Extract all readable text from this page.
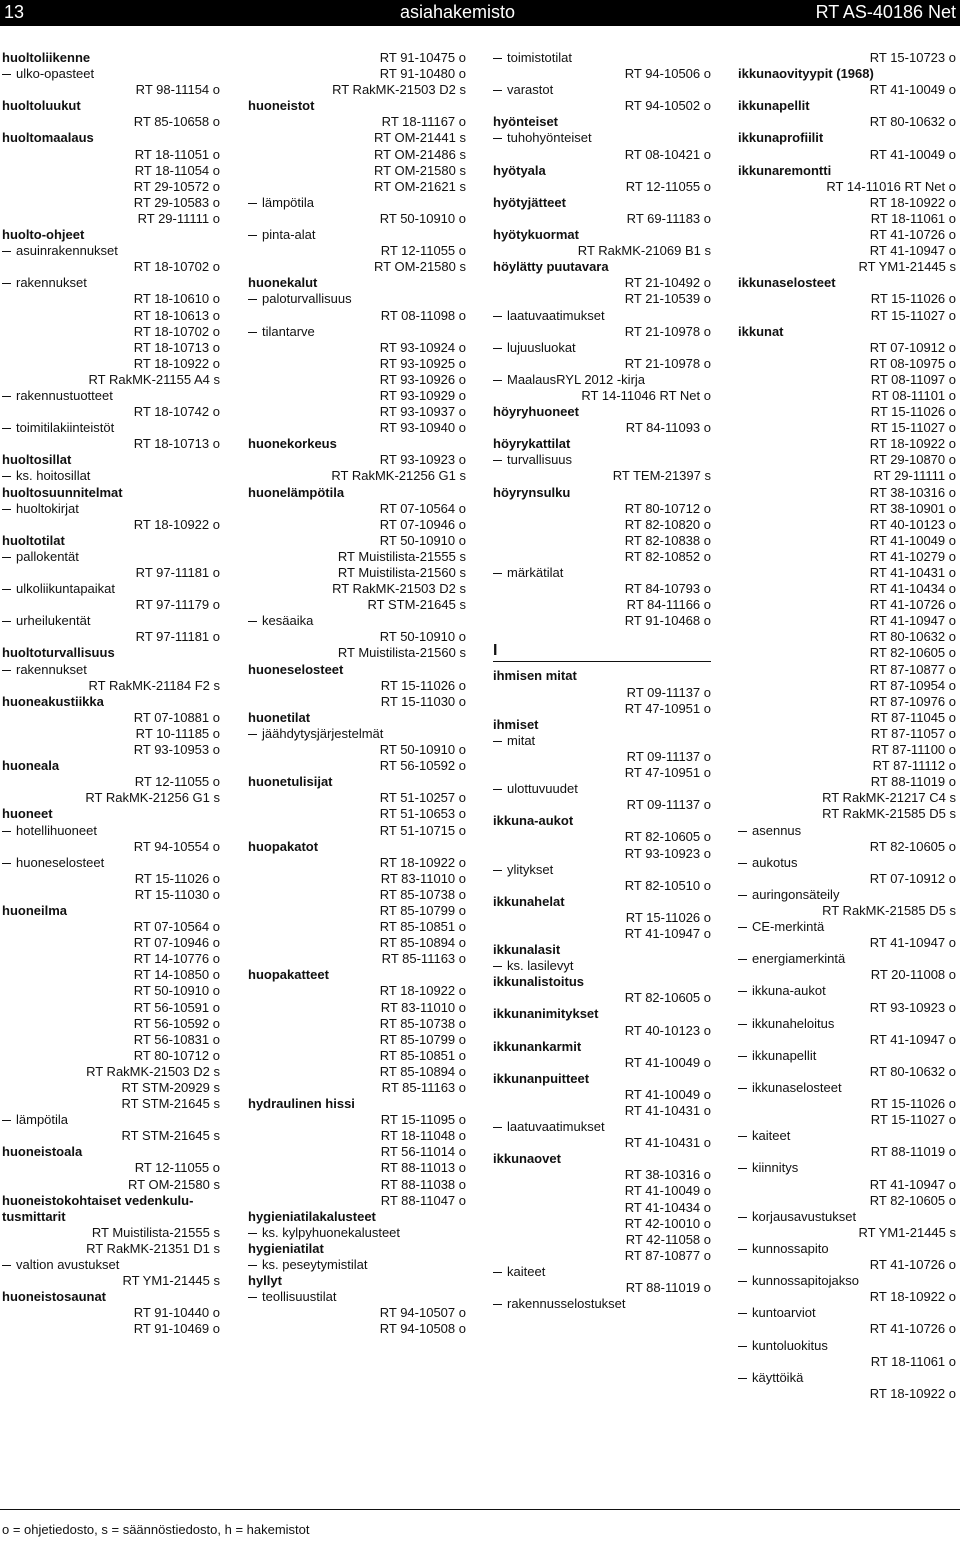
13	asiahakemisto	RT AS-40186 Net
huoltoliikenne
ulko-opasteet
RT 98-11154 o
huoltoluukut
RT 85-10658 o
huoltomaalaus
RT 18-11051 o
RT 18-11054 o
RT 29-10572 o
RT 29-10583 o
RT 29-11111 o
huolto-ohjeet
asuinrakennukset
RT 18-10702 o
rakennukset
RT 18-10610 o
RT 18-10613 o
RT 18-10702 o
RT 18-10713 o
RT 18-10922 o
RT RakMK-21155 A4 s
rakennustuotteet
RT 18-10742 o
toimitilakiinteistöt
RT 18-10713 o
huoltosillat
ks. hoitosillat
huoltosuunnitelmat
huoltokirjat
RT 18-10922 o
huoltotilat
pallokentät
RT 97-11181 o
ulkoliikuntapaikat
RT 97-11179 o
urheilukentät
RT 97-11181 o
huoltoturvallisuus
rakennukset
RT RakMK-21184 F2 s
huoneakustiikka
RT 07-10881 o
RT 10-11185 o
RT 93-10953 o
huoneala
RT 12-11055 o
RT RakMK-21256 G1 s
huoneet
hotellihuoneet
RT 94-10554 o
huoneselosteet
RT 15-11026 o
RT 15-11030 o
huoneilma
RT 07-10564 o
RT 07-10946 o
RT 14-10776 o
RT 14-10850 o
RT 50-10910 o
RT 56-10591 o
RT 56-10592 o
RT 56-10831 o
RT 80-10712 o
RT RakMK-21503 D2 s
RT STM-20929 s
RT STM-21645 s
lämpötila
RT STM-21645 s
huoneistoala
RT 12-11055 o
RT OM-21580 s
huoneistokohtaiset vedenkulu-
tusmittarit
RT Muistilista-21555 s
RT RakMK-21351 D1 s
valtion avustukset
RT YM1-21445 s
huoneistosaunat
RT 91-10440 o
RT 91-10469 o
RT 91-10475 o
RT 91-10480 o
RT RakMK-21503 D2 s
huoneistot
RT 18-11167 o
RT OM-21441 s
RT OM-21486 s
RT OM-21580 s
RT OM-21621 s
lämpötila
RT 50-10910 o
pinta-alat
RT 12-11055 o
RT OM-21580 s
huonekalut
paloturvallisuus
RT 08-11098 o
tilantarve
RT 93-10924 o
RT 93-10925 o
RT 93-10926 o
RT 93-10929 o
RT 93-10937 o
RT 93-10940 o
huonekorkeus
RT 93-10923 o
RT RakMK-21256 G1 s
huonelämpötila
RT 07-10564 o
RT 07-10946 o
RT 50-10910 o
RT Muistilista-21555 s
RT Muistilista-21560 s
RT RakMK-21503 D2 s
RT STM-21645 s
kesäaika
RT 50-10910 o
RT Muistilista-21560 s
huoneselosteet
RT 15-11026 o
RT 15-11030 o
huonetilat
jäähdytysjärjestelmät
RT 50-10910 o
RT 56-10592 o
huonetulisijat
RT 51-10257 o
RT 51-10653 o
RT 51-10715 o
huopakatot
RT 18-10922 o
RT 83-11010 o
RT 85-10738 o
RT 85-10799 o
RT 85-10851 o
RT 85-10894 o
RT 85-11163 o
huopakatteet
RT 18-10922 o
RT 83-11010 o
RT 85-10738 o
RT 85-10799 o
RT 85-10851 o
RT 85-10894 o
RT 85-11163 o
hydraulinen hissi
RT 15-11095 o
RT 18-11048 o
RT 56-11014 o
RT 88-11013 o
RT 88-11038 o
RT 88-11047 o
hygieniatilakalusteet
ks. kylpyhuonekalusteet
hygieniatilat
ks. peseytymistilat
hyllyt
teollisuustilat
RT 94-10507 o
RT 94-10508 o
toimistotilat
RT 94-10506 o
varastot
RT 94-10502 o
hyönteiset
tuhohyönteiset
RT 08-10421 o
hyötyala
RT 12-11055 o
hyötyjätteet
RT 69-11183 o
hyötykuormat
RT RakMK-21069 B1 s
höylätty puutavara
RT 21-10492 o
RT 21-10539 o
laatuvaatimukset
RT 21-10978 o
lujuusluokat
RT 21-10978 o
MaalausRYL 2012 -kirja
RT 14-11046 RT Net o
höyryhuoneet
RT 84-11093 o
höyrykattilat
turvallisuus
RT TEM-21397 s
höyrynsulku
RT 80-10712 o
RT 82-10820 o
RT 82-10838 o
RT 82-10852 o
märkätilat
RT 84-10793 o
RT 84-11166 o
RT 91-10468 o
I
ihmisen mitat
RT 09-11137 o
RT 47-10951 o
ihmiset
mitat
RT 09-11137 o
RT 47-10951 o
ulottuvuudet
RT 09-11137 o
ikkuna-aukot
RT 82-10605 o
RT 93-10923 o
ylitykset
RT 82-10510 o
ikkunahelat
RT 15-11026 o
RT 41-10947 o
ikkunalasit
ks. lasilevyt
ikkunalistoitus
RT 82-10605 o
ikkunanimitykset
RT 40-10123 o
ikkunankarmit
RT 41-10049 o
ikkunanpuitteet
RT 41-10049 o
RT 41-10431 o
laatuvaatimukset
RT 41-10431 o
ikkunaovet
RT 38-10316 o
RT 41-10049 o
RT 41-10434 o
RT 42-10010 o
RT 42-11058 o
RT 87-10877 o
kaiteet
RT 88-11019 o
rakennusselostukset
RT 15-10723 o
ikkunaovityypit (1968)
RT 41-10049 o
ikkunapellit
RT 80-10632 o
ikkunaprofiilit
RT 41-10049 o
ikkunaremontti
RT 14-11016 RT Net o
RT 18-10922 o
RT 18-11061 o
RT 41-10726 o
RT 41-10947 o
RT YM1-21445 s
ikkunaselosteet
RT 15-11026 o
RT 15-11027 o
ikkunat
RT 07-10912 o
RT 08-10975 o
RT 08-11097 o
RT 08-11101 o
RT 15-11026 o
RT 15-11027 o
RT 18-10922 o
RT 29-10870 o
RT 29-11111 o
RT 38-10316 o
RT 38-10901 o
RT 40-10123 o
RT 41-10049 o
RT 41-10279 o
RT 41-10431 o
RT 41-10434 o
RT 41-10726 o
RT 41-10947 o
RT 80-10632 o
RT 82-10605 o
RT 87-10877 o
RT 87-10954 o
RT 87-10976 o
RT 87-11045 o
RT 87-11057 o
RT 87-11100 o
RT 87-11112 o
RT 88-11019 o
RT RakMK-21217 C4 s
RT RakMK-21585 D5 s
asennus
RT 82-10605 o
aukotus
RT 07-10912 o
auringonsäteily
RT RakMK-21585 D5 s
CE-merkintä
RT 41-10947 o
energiamerkintä
RT 20-11008 o
ikkuna-aukot
RT 93-10923 o
ikkunaheloitus
RT 41-10947 o
ikkunapellit
RT 80-10632 o
ikkunaselosteet
RT 15-11026 o
RT 15-11027 o
kaiteet
RT 88-11019 o
kiinnitys
RT 41-10947 o
RT 82-10605 o
korjausavustukset
RT YM1-21445 s
kunnossapito
RT 41-10726 o
kunnossapitojakso
RT 18-10922 o
kuntoarviot
RT 41-10726 o
kuntoluokitus
RT 18-11061 o
käyttöikä
RT 18-10922 o
o = ohjetiedosto, s = säännöstiedosto, h = hakemistot
